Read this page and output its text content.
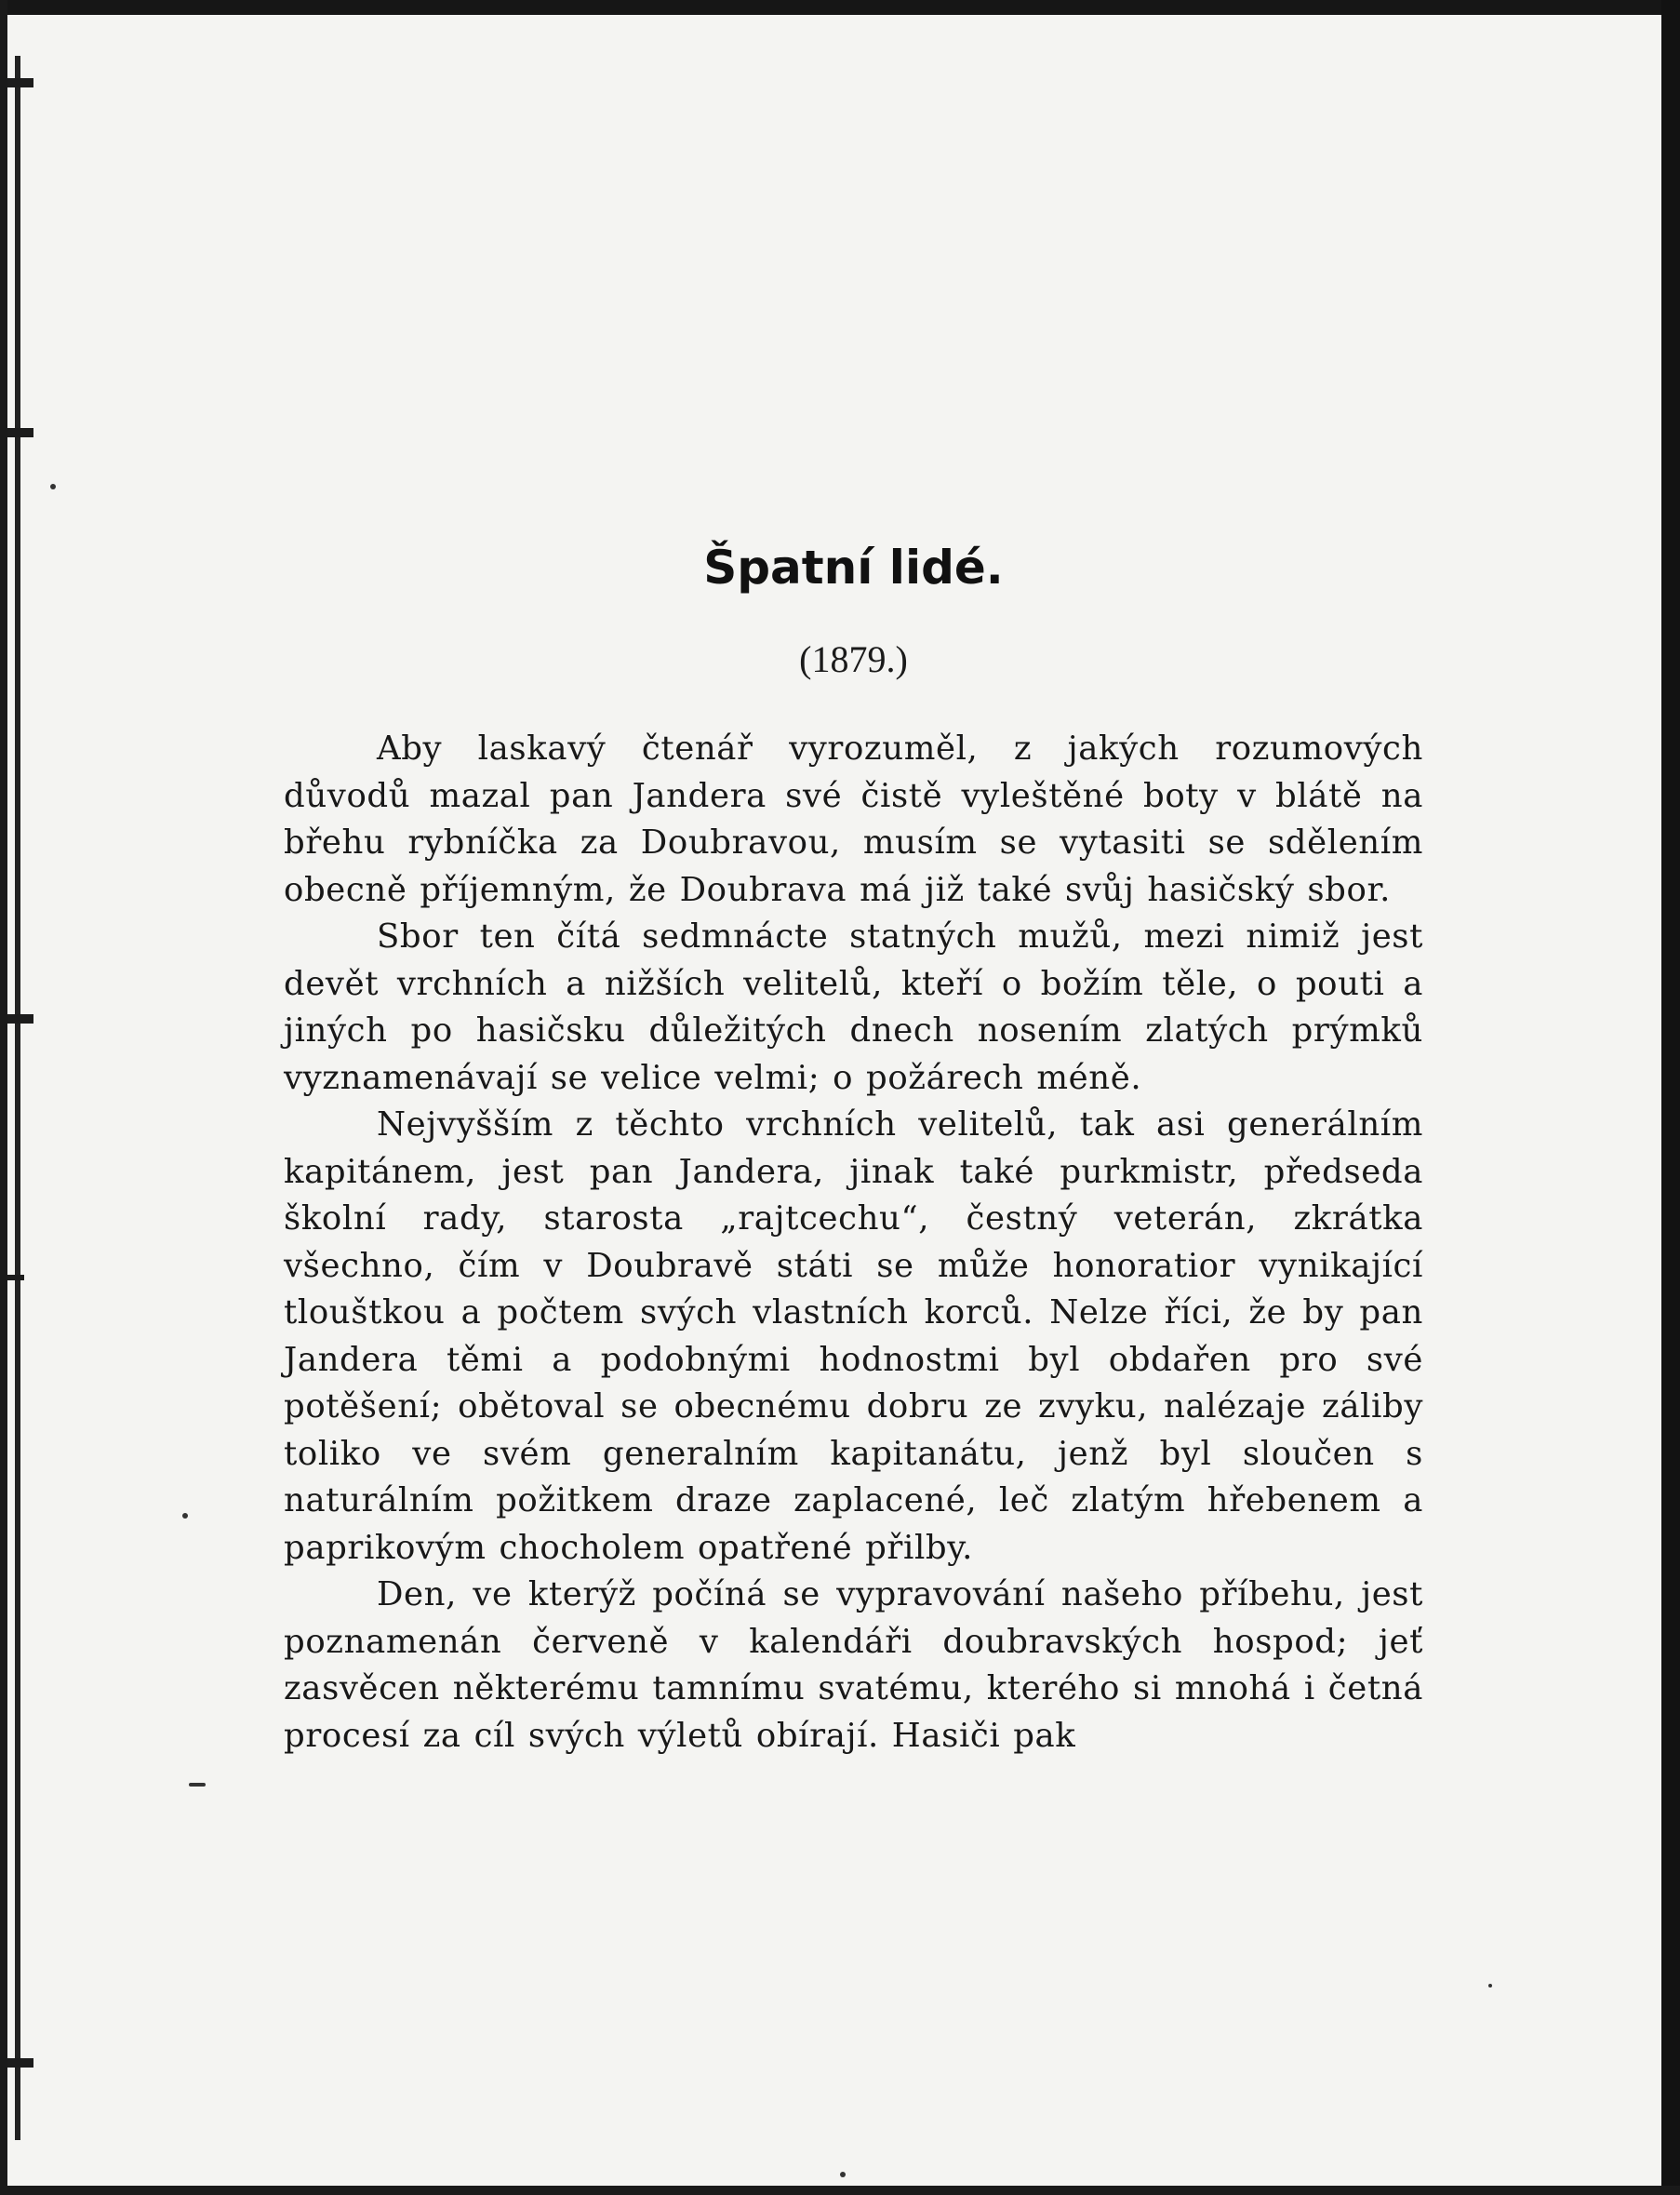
Špatní lidé.
(1879.)

Aby laskavý čtenář vyrozuměl, z jakých rozumových důvodů mazal pan Jandera své čistě vyleštěné boty v blátě na břehu rybníčka za Doubravou, musím se vytasiti se sdělením obecně příjemným, že Doubrava má již také svůj hasičský sbor.

Sbor ten čítá sedmnácte statných mužů, mezi nimiž jest devět vrchních a nižších velitelů, kteří o božím těle, o pouti a jiných po hasičsku důležitých dnech nosením zlatých prýmků vyznamenávají se velice velmi; o požárech méně.

Nejvyšším z těchto vrchních velitelů, tak asi generálním kapitánem, jest pan Jandera, jinak také purkmistr, předseda školní rady, starosta „rajtcechu“, čestný veterán, zkrátka všechno, čím v Doubravě státi se může honoratior vynikající tlouštkou a počtem svých vlastních korců. Nelze říci, že by pan Jandera těmi a podobnými hodnostmi byl obdařen pro své potěšení; obětoval se obecnému dobru ze zvyku, nalézaje záliby toliko ve svém generalním kapitanátu, jenž byl sloučen s naturálním požitkem draze zaplacené, leč zlatým hřebenem a paprikovým chocholem opatřené přilby.

Den, ve kterýž počíná se vypravování našeho příbehu, jest poznamenán červeně v kalendáři doubravských hospod; jeť zasvěcen některému tamnímu svatému, kterého si mnohá i četná procesí za cíl svých výletů obírají. Hasiči pak
